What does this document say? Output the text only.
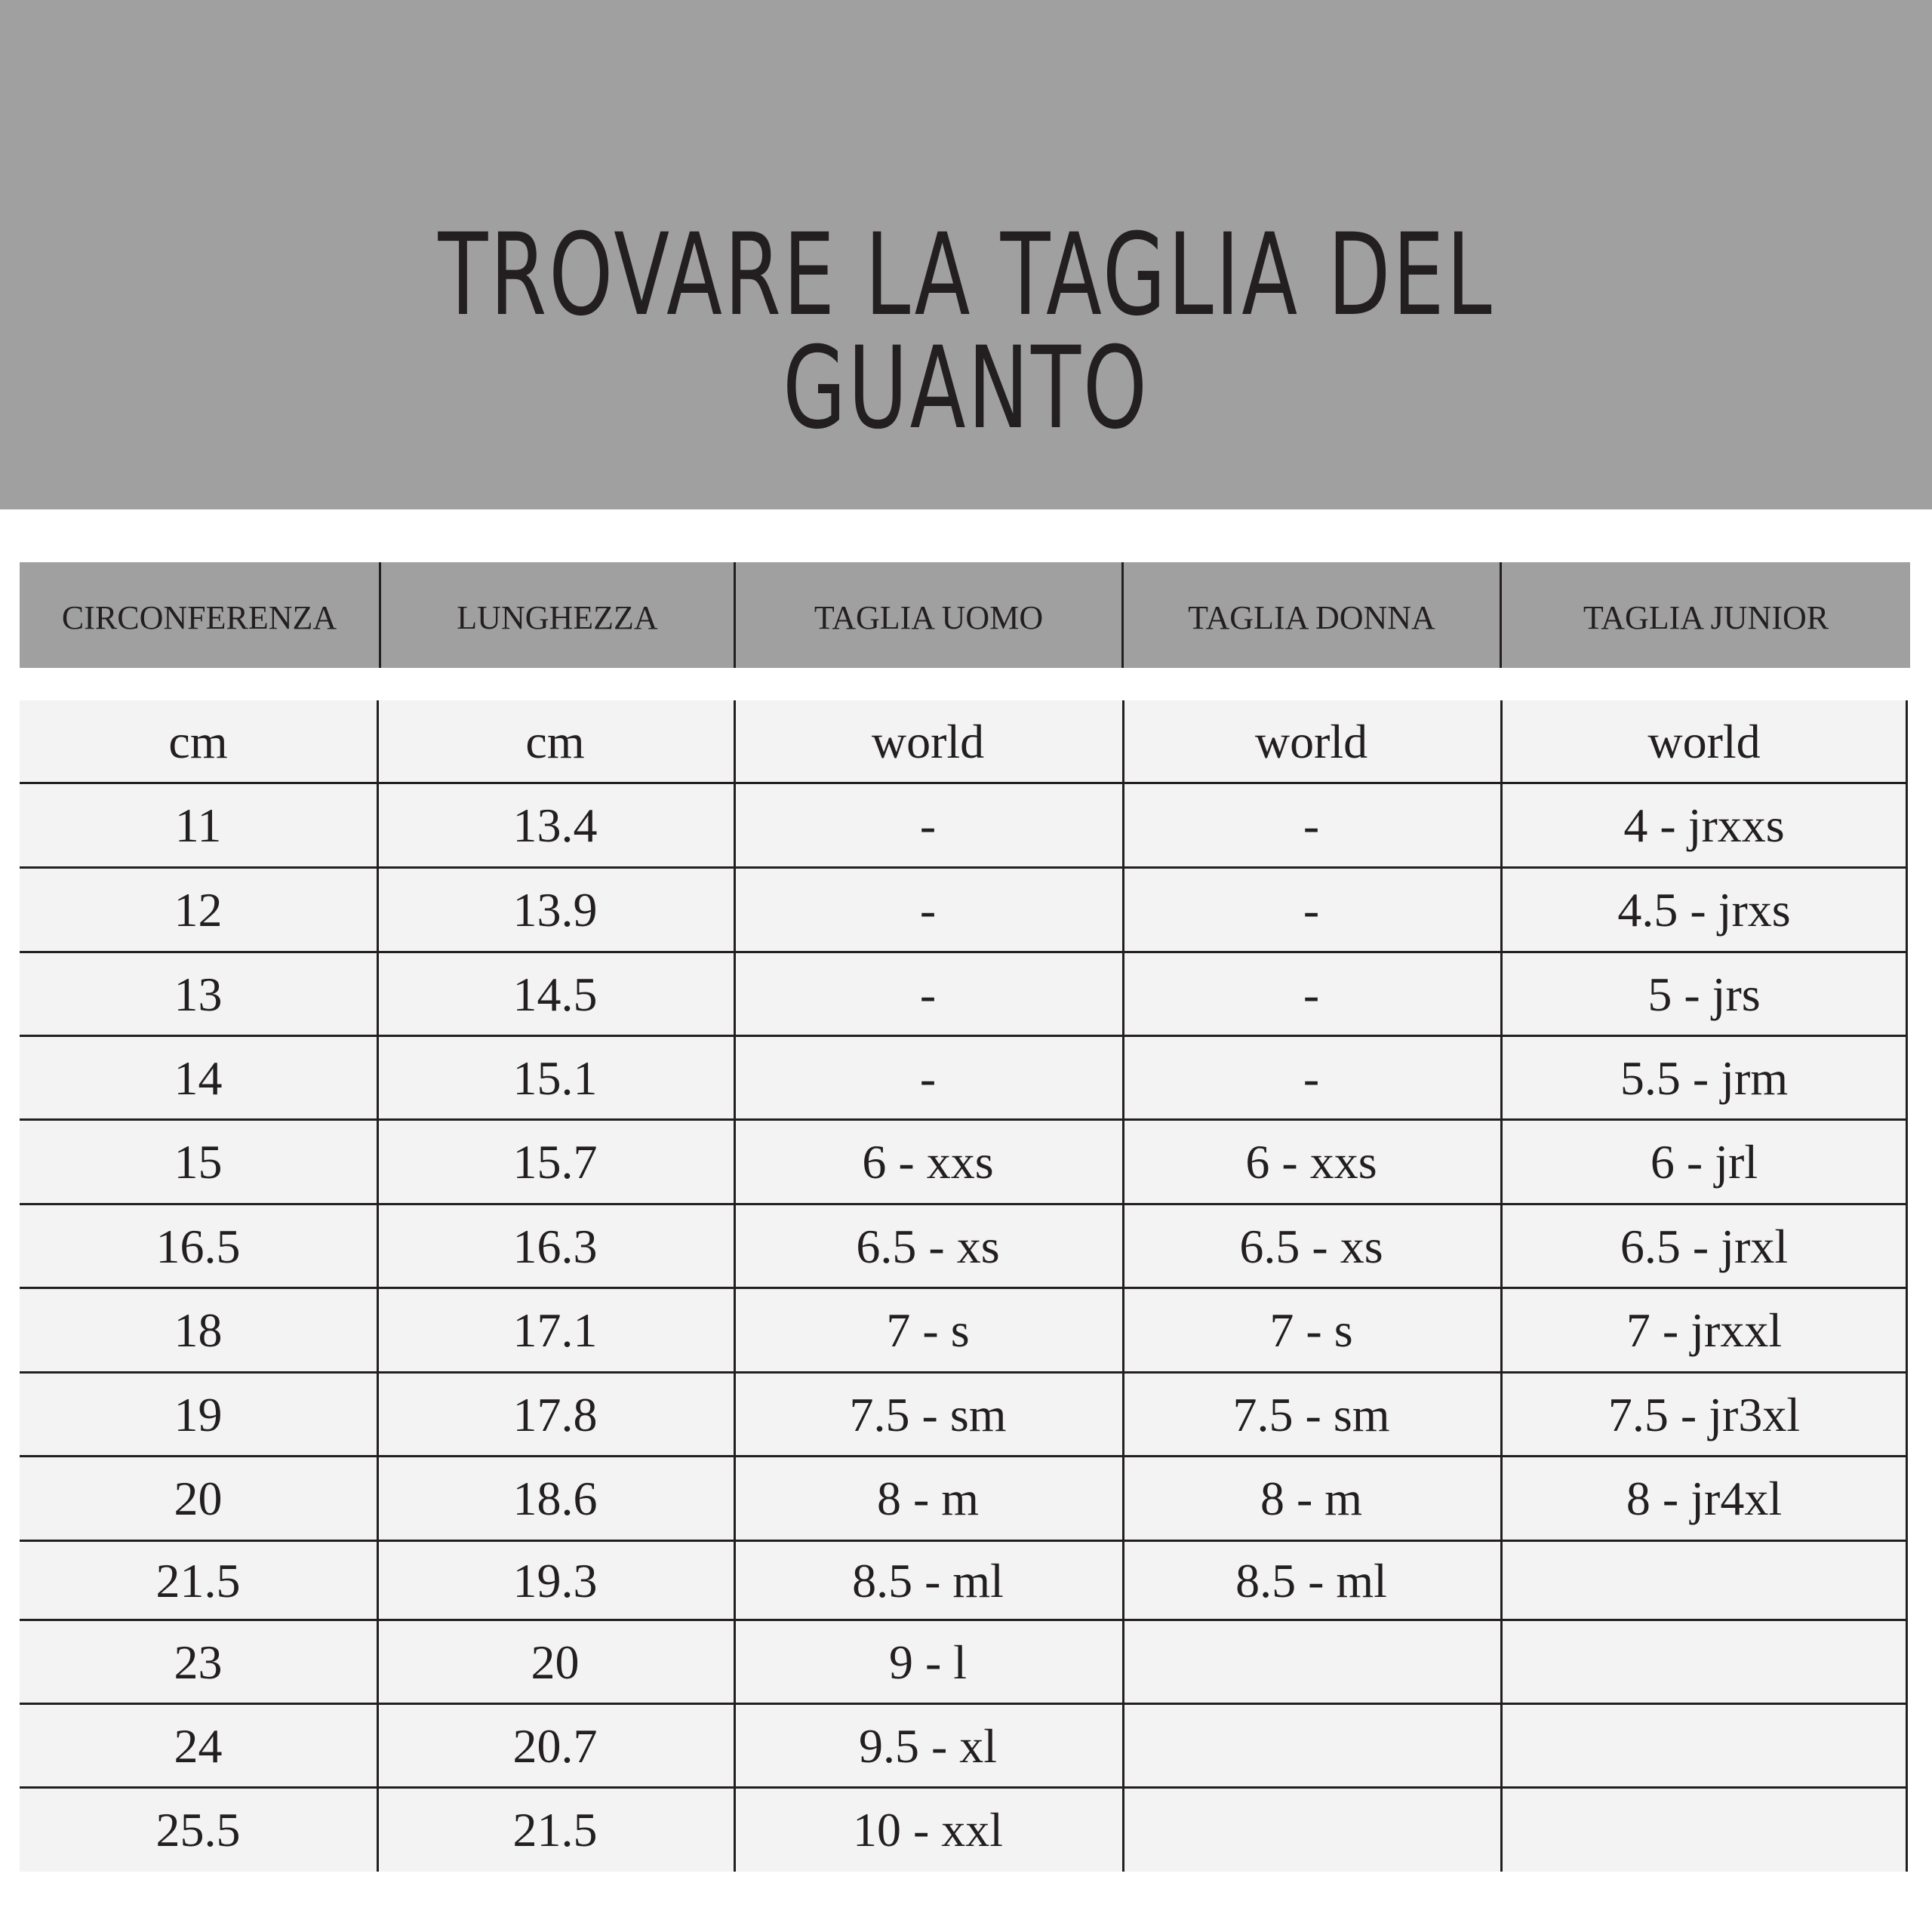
TROVARE LA TAGLIA DEL GUANTO
CIRCONFERENZA	LUNGHEZZA	TAGLIA UOMO	TAGLIA DONNA	TAGLIA JUNIOR
cm	cm	world	world	world
11	13.4	-	-	4 - jrxxs
12	13.9	-	-	4.5 - jrxs
13	14.5	-	-	5 - jrs
14	15.1	-	-	5.5 - jrm
15	15.7	6 - xxs	6 - xxs	6 - jrl
16.5	16.3	6.5 - xs	6.5 - xs	6.5 - jrxl
18	17.1	7 - s	7 - s	7 - jrxxl
19	17.8	7.5 - sm	7.5 - sm	7.5 - jr3xl
20	18.6	8 - m	8 - m	8 - jr4xl
21.5	19.3	8.5 - ml	8.5 - ml
23	20	9 - l
24	20.7	9.5 - xl
25.5	21.5	10 - xxl
